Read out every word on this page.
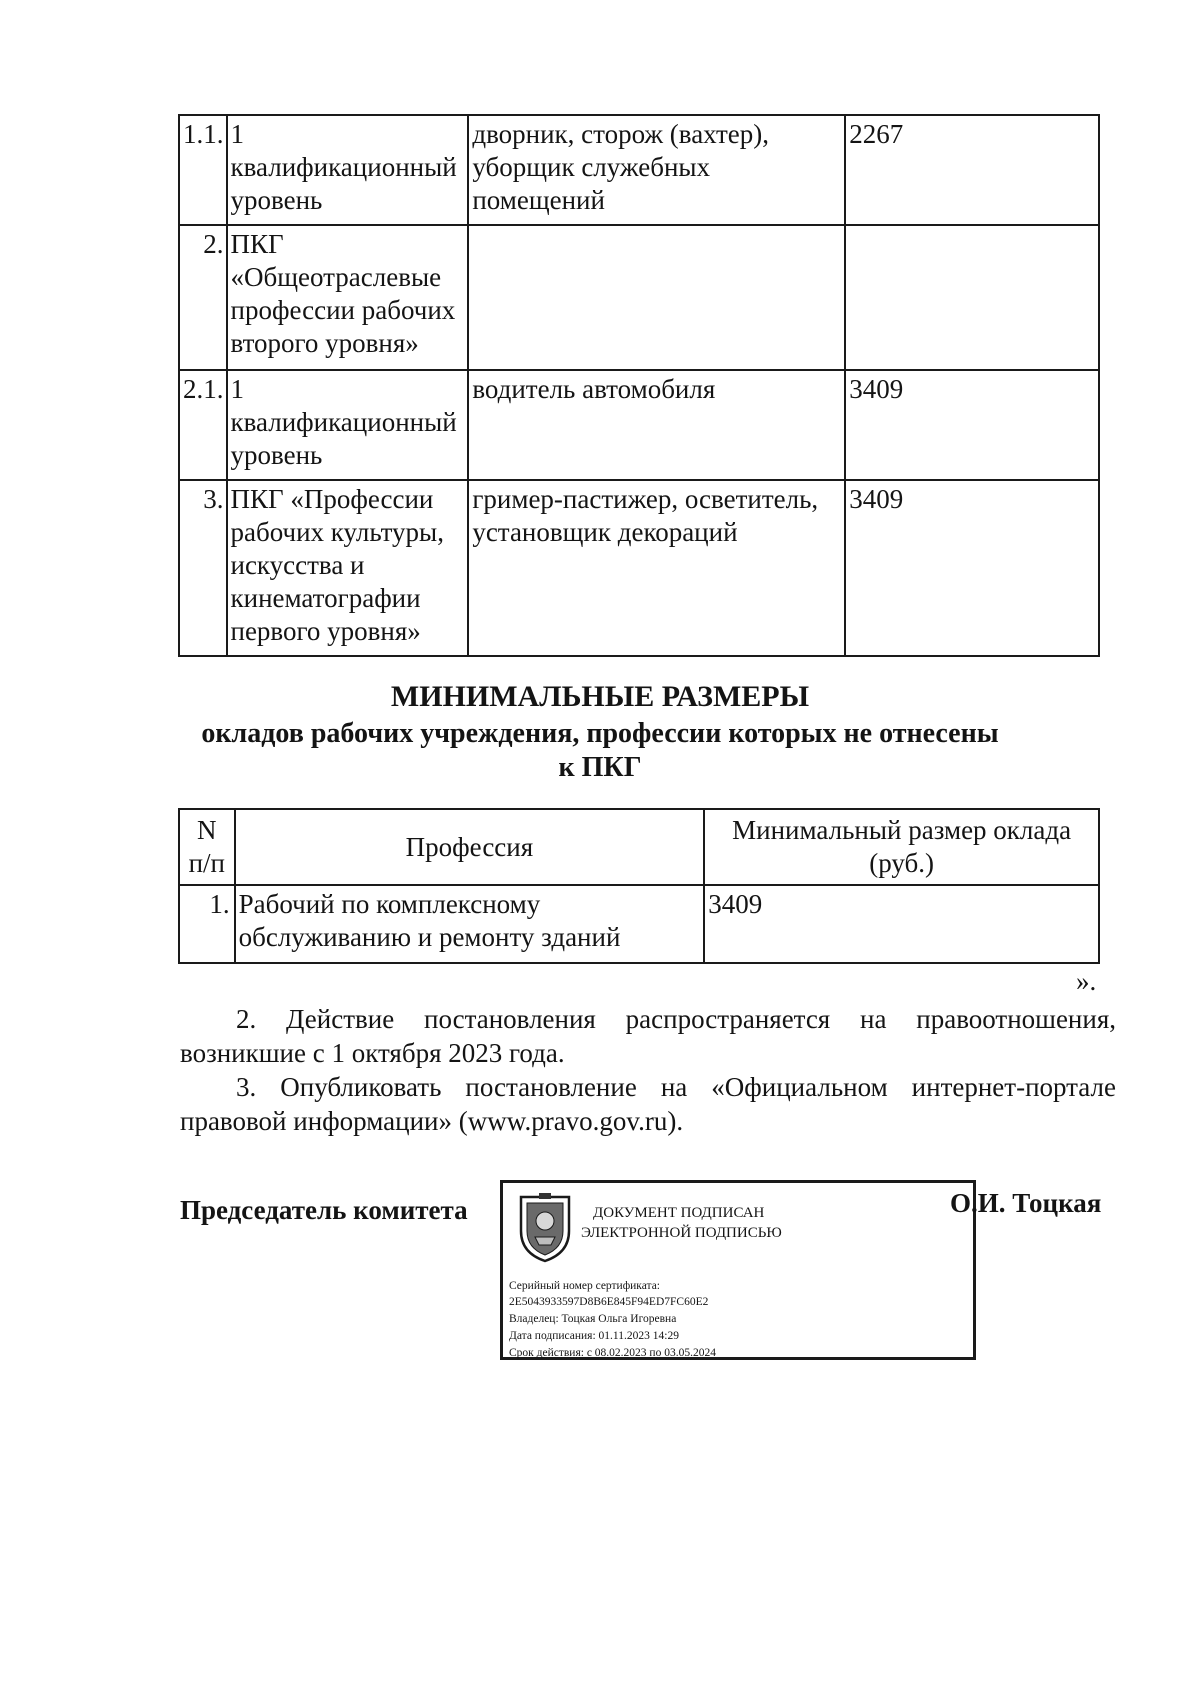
1.1.	1 квалификационный уровень	дворник, сторож (вахтер), уборщик служебных помещений	2267
2.	ПКГ «Общеотраслевые профессии рабочих второго уровня»		
2.1.	1 квалификационный уровень	водитель автомобиля	3409
3.	ПКГ «Профессии рабочих культуры, искусства и кинематографии первого уровня»	гример-пастижер, осветитель, установщик декораций	3409
МИНИМАЛЬНЫЕ РАЗМЕРЫ
окладов рабочих учреждения, профессии которых не отнесены
к ПКГ
N п/п	Профессия	Минимальный размер оклада (руб.)
1.	Рабочий по комплексному обслуживанию и ремонту зданий	3409
».
2. Действие постановления распространяется на правоотношения, возникшие с 1 октября 2023 года.
3. Опубликовать постановление на «Официальном интернет-портале правовой информации» (www.pravo.gov.ru).
Председатель комитета	ДОКУМЕНТ ПОДПИСАН
ЭЛЕКТРОННОЙ ПОДПИСЬЮ
Серийный номер сертификата:
2E5043933597D8B6E845F94ED7FC60E2
Владелец: Тоцкая Ольга Игоревна
Дата подписания: 01.11.2023 14:29
Срок действия: с 08.02.2023 по 03.05.2024
О.И. Тоцкая
